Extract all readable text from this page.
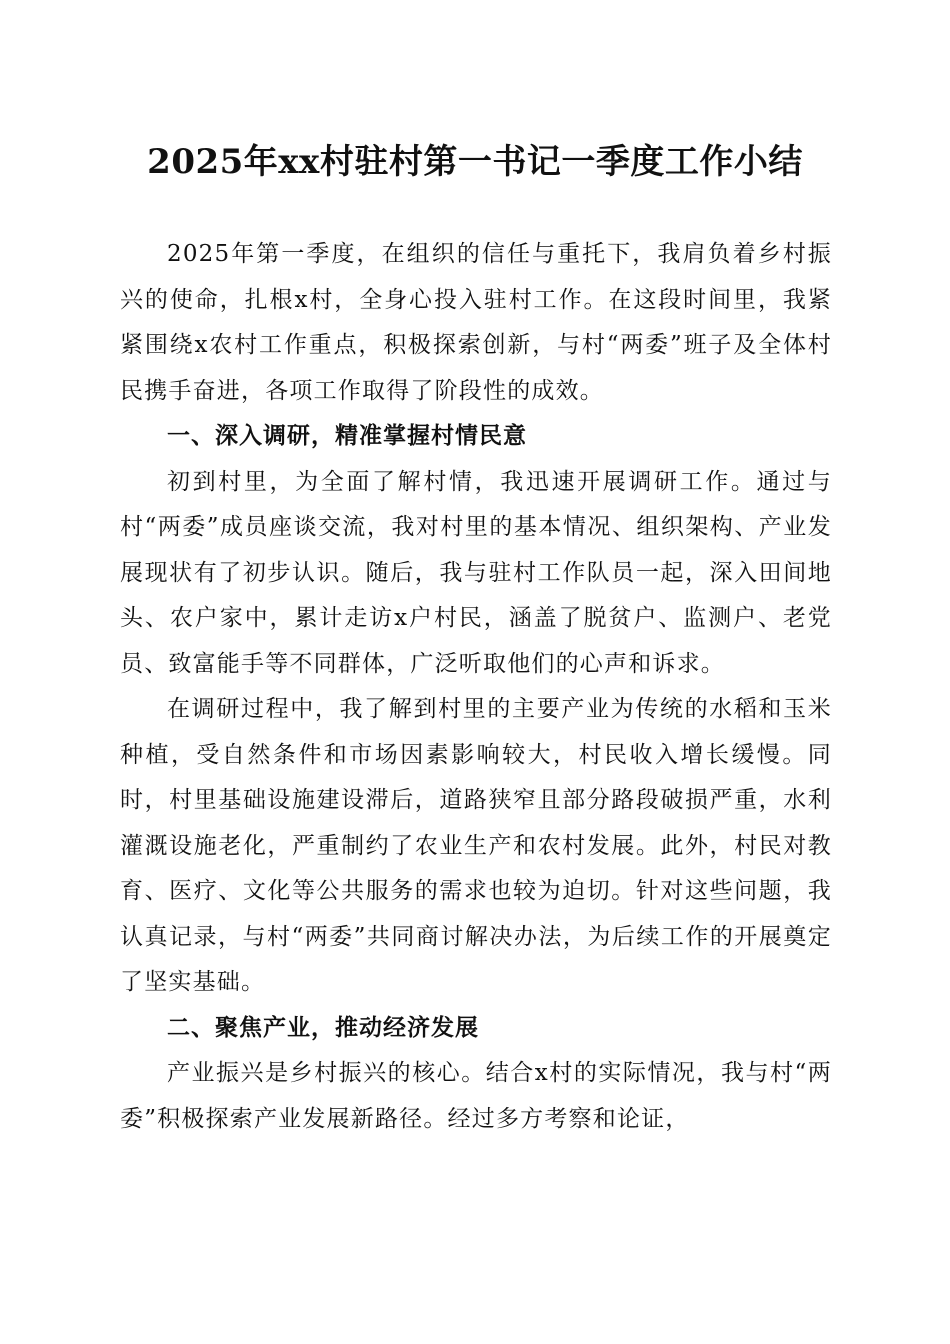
2025年xx村驻村第一书记一季度工作小结

2025年第一季度，在组织的信任与重托下，我肩负着乡村振兴的使命，扎根x村，全身心投入驻村工作。在这段时间里，我紧紧围绕x农村工作重点，积极探索创新，与村“两委”班子及全体村民携手奋进，各项工作取得了阶段性的成效。

一、深入调研，精准掌握村情民意

初到村里，为全面了解村情，我迅速开展调研工作。通过与村“两委”成员座谈交流，我对村里的基本情况、组织架构、产业发展现状有了初步认识。随后，我与驻村工作队员一起，深入田间地头、农户家中，累计走访x户村民，涵盖了脱贫户、监测户、老党员、致富能手等不同群体，广泛听取他们的心声和诉求。

在调研过程中，我了解到村里的主要产业为传统的水稻和玉米种植，受自然条件和市场因素影响较大，村民收入增长缓慢。同时，村里基础设施建设滞后，道路狭窄且部分路段破损严重，水利灌溉设施老化，严重制约了农业生产和农村发展。此外，村民对教育、医疗、文化等公共服务的需求也较为迫切。针对这些问题，我认真记录，与村“两委”共同商讨解决办法，为后续工作的开展奠定了坚实基础。

二、聚焦产业，推动经济发展

产业振兴是乡村振兴的核心。结合x村的实际情况，我与村“两委”积极探索产业发展新路径。经过多方考察和论证，
